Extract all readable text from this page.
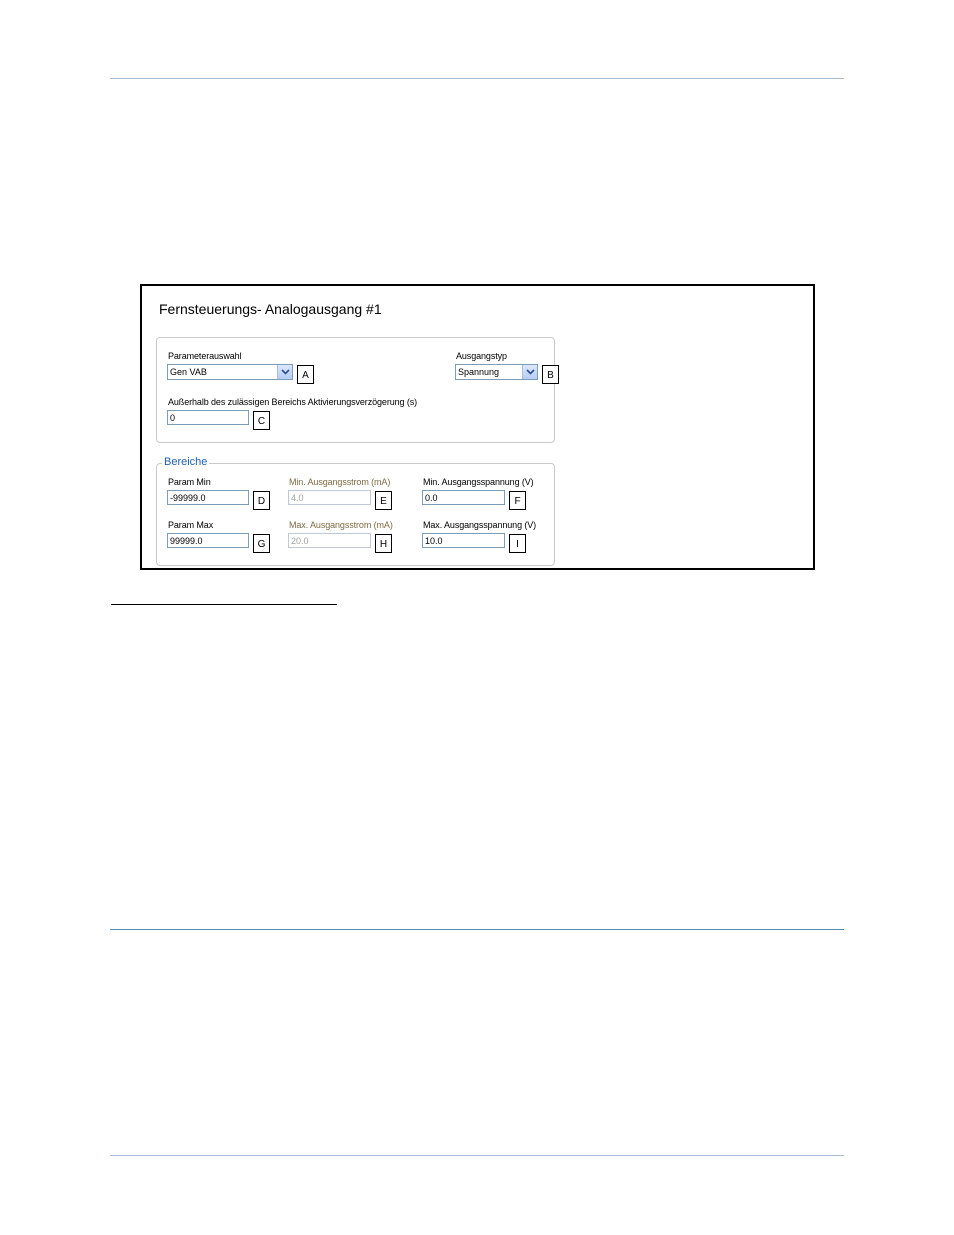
Fernsteuerungs- Analogausgang #1
Parameterauswahl
Gen VAB	A
Ausgangstyp
Spannung	B
Außerhalb des zulässigen Bereichs Aktivierungsverzögerung (s)
0	C
Bereiche
Param Min
-99999.0	D
Min. Ausgangsstrom (mA)
4.0	E
Min. Ausgangsspannung (V)
0.0	F
Param Max
99999.0	G
Max. Ausgangsstrom (mA)
20.0	H
Max. Ausgangsspannung (V)
10.0	I
